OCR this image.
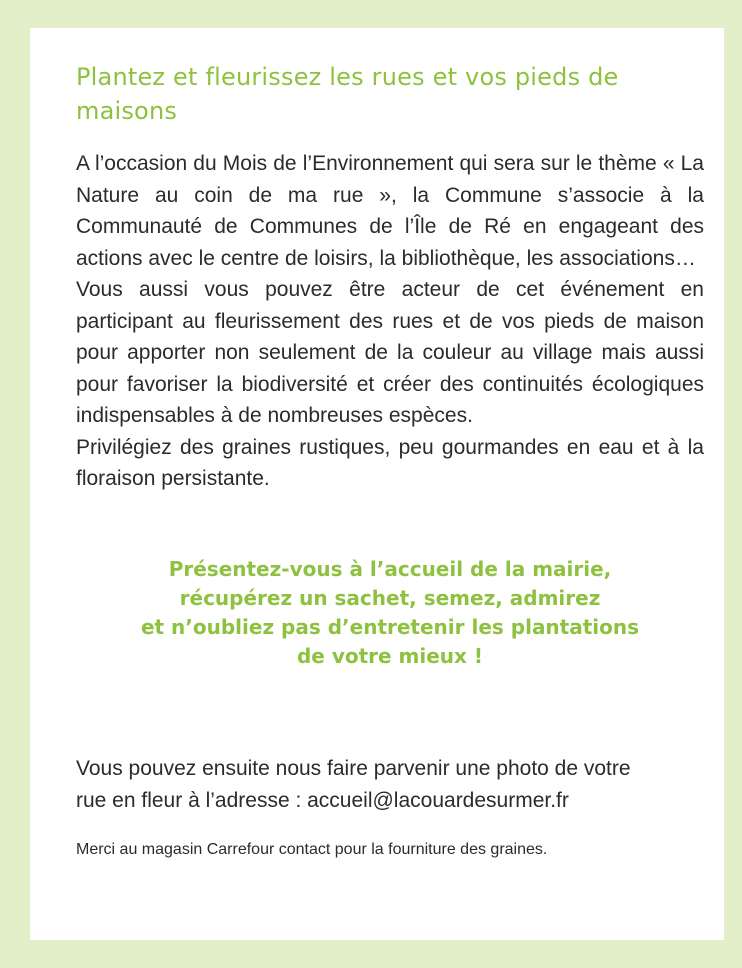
Plantez et fleurissez les rues et vos pieds de maisons

A l’occasion du Mois de l’Environnement qui sera sur le thème « La Nature au coin de ma rue », la Commune s’associe à la Communauté de Communes de l’Île de Ré en engageant des actions avec le centre de loisirs, la bibliothèque, les associations…

Vous aussi vous pouvez être acteur de cet événement en participant au fleurissement des rues et de vos pieds de maison pour apporter non seulement de la couleur au village mais aussi pour favoriser la biodiversité et créer des continuités écologiques indispensables à de nombreuses espèces.

Privilégiez des graines rustiques, peu gourmandes en eau et à la floraison persistante.

Présentez-vous à l’accueil de la mairie,
récupérez un sachet, semez, admirez
et n’oubliez pas d’entretenir les plantations
de votre mieux !
Vous pouvez ensuite nous faire parvenir une photo de votre
rue en fleur à l’adresse : accueil@lacouardesurmer.fr

Merci au magasin Carrefour contact pour la fourniture des graines.
